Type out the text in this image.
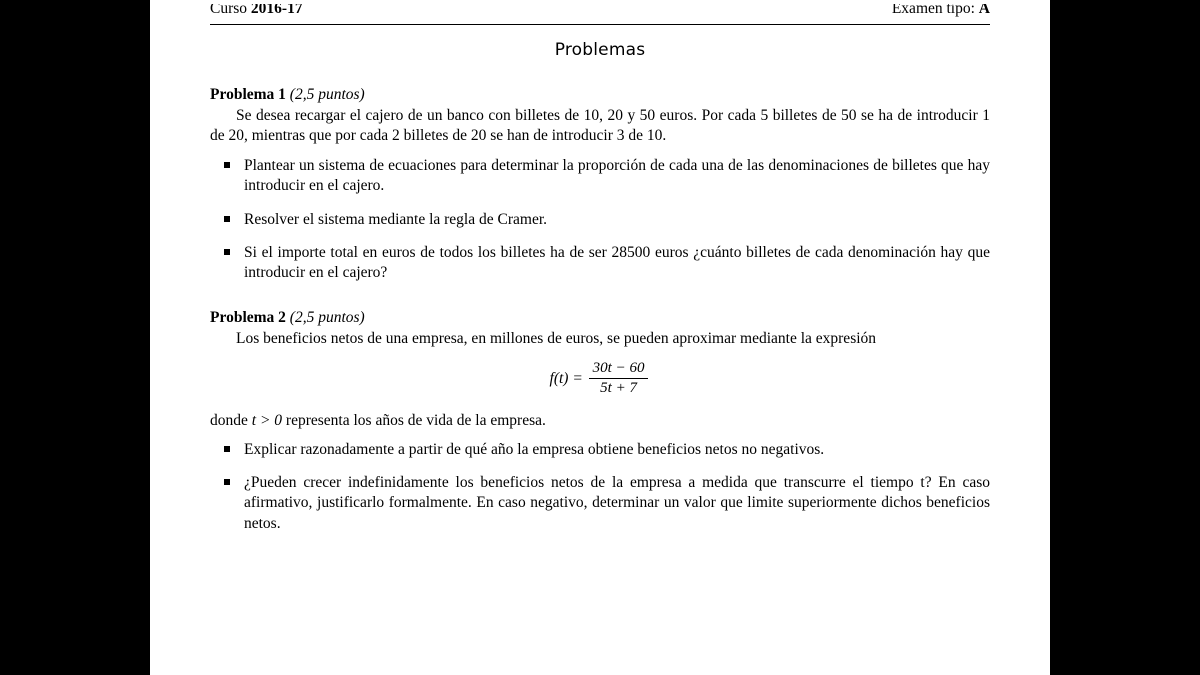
Curso 2016-17	Examen tipo: A
Problemas
Problema 1 (2,5 puntos)

Se desea recargar el cajero de un banco con billetes de 10, 20 y 50 euros. Por cada 5 billetes de 50 se ha de introducir 1 de 20, mientras que por cada 2 billetes de 20 se han de introducir 3 de 10.

Plantear un sistema de ecuaciones para determinar la proporción de cada una de las denominaciones de billetes que hay introducir en el cajero.
Resolver el sistema mediante la regla de Cramer.
Si el importe total en euros de todos los billetes ha de ser 28500 euros ¿cuánto billetes de cada denominación hay que introducir en el cajero?
Problema 2 (2,5 puntos)

Los beneficios netos de una empresa, en millones de euros, se pueden aproximar mediante la expresión

$f(t) = \frac{30t - 60}{5t + 7}$
donde t > 0 representa los años de vida de la empresa.
Explicar razonadamente a partir de qué año la empresa obtiene beneficios netos no negativos.
¿Pueden crecer indefinidamente los beneficios netos de la empresa a medida que transcurre el tiempo t? En caso afirmativo, justificarlo formalmente. En caso negativo, determinar un valor que limite superiormente dichos beneficios netos.
